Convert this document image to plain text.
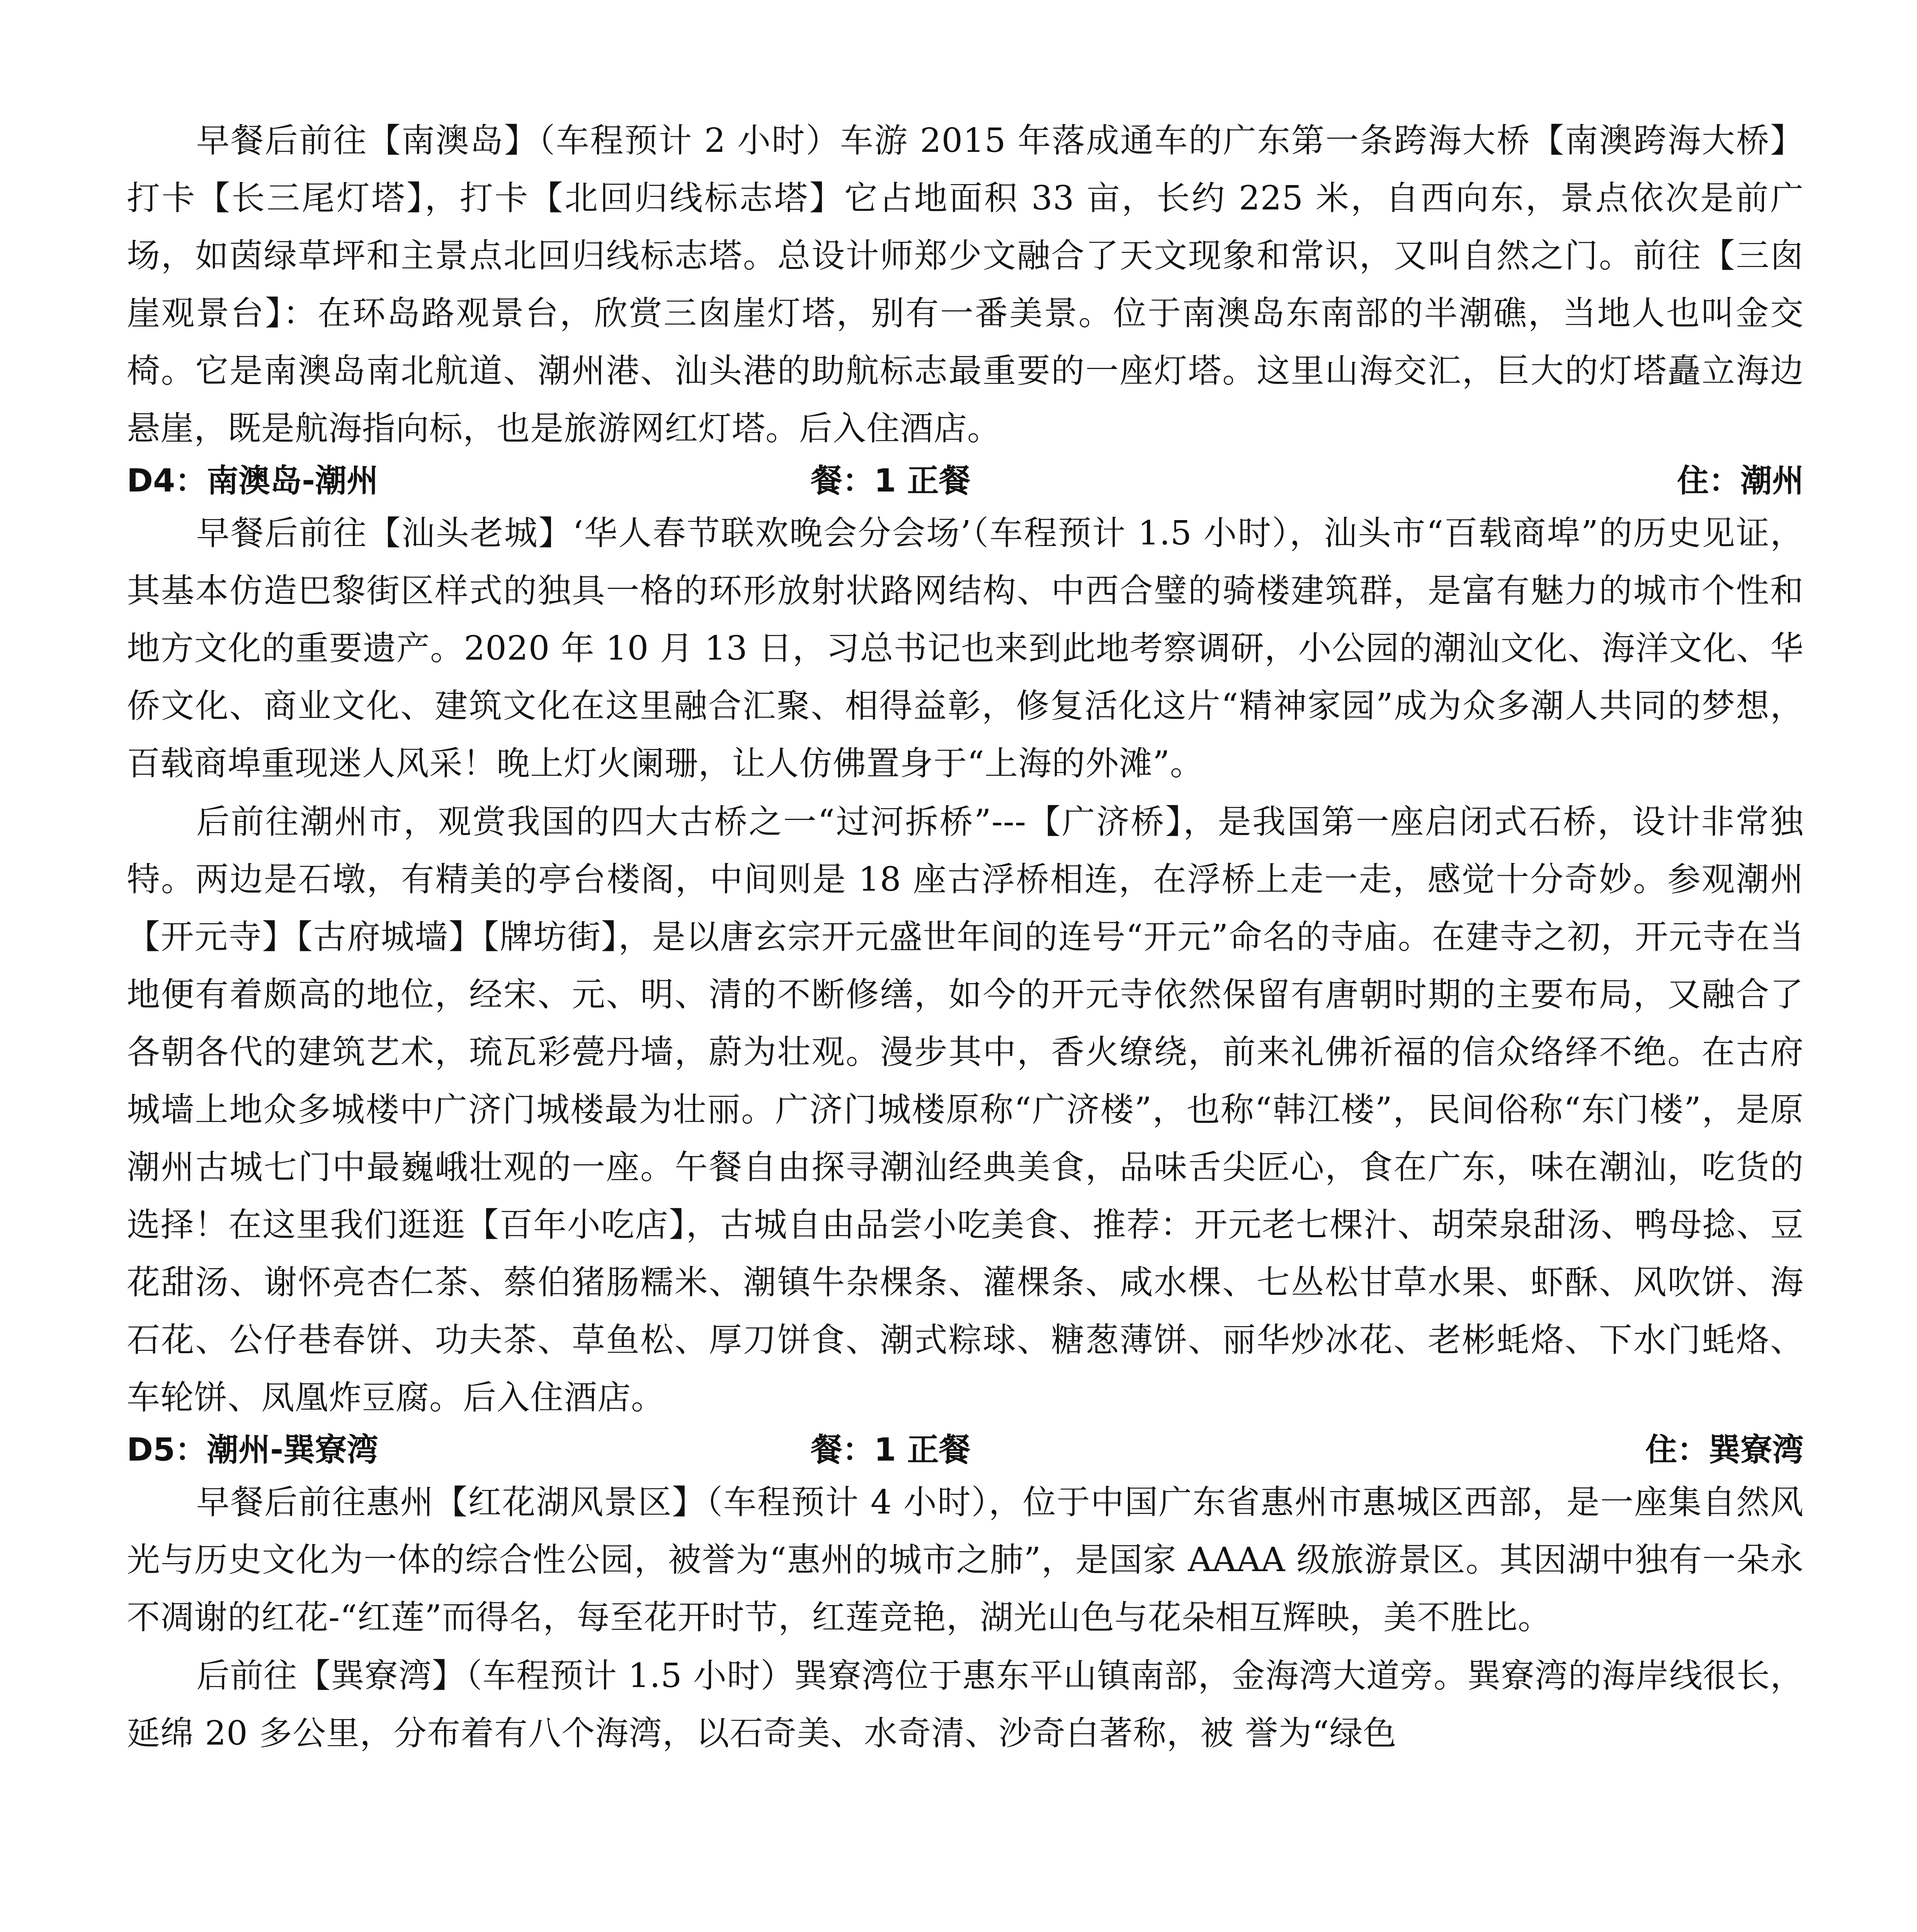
早餐后前往【南澳岛】（车程预计 2 小时）车游 2015 年落成通车的广东第一条跨海大桥【南澳跨海大桥】打卡【长三尾灯塔】，打卡【北回归线标志塔】它占地面积 33 亩，长约 225 米，自西向东，景点依次是前广场，如茵绿草坪和主景点北回归线标志塔。总设计师郑少文融合了天文现象和常识，又叫自然之门。前往【三囱崖观景台】：在环岛路观景台，欣赏三囱崖灯塔，别有一番美景。位于南澳岛东南部的半潮礁，当地人也叫金交椅。它是南澳岛南北航道、潮州港、汕头港的助航标志最重要的一座灯塔。这里山海交汇，巨大的灯塔矗立海边悬崖，既是航海指向标，也是旅游网红灯塔。后入住酒店。

D4：南澳岛-潮州	餐：1 正餐	住：潮州

早餐后前往【汕头老城】‘华人春节联欢晚会分会场’（车程预计 1.5 小时），汕头市“百载商埠”的历史见证，其基本仿造巴黎街区样式的独具一格的环形放射状路网结构、中西合璧的骑楼建筑群，是富有魅力的城市个性和地方文化的重要遗产。2020 年 10 月 13 日，习总书记也来到此地考察调研，小公园的潮汕文化、海洋文化、华侨文化、商业文化、建筑文化在这里融合汇聚、相得益彰，修复活化这片“精神家园”成为众多潮人共同的梦想，百载商埠重现迷人风采！晚上灯火阑珊，让人仿佛置身于“上海的外滩”。

后前往潮州市，观赏我国的四大古桥之一“过河拆桥”---【广济桥】，是我国第一座启闭式石桥，设计非常独特。两边是石墩，有精美的亭台楼阁，中间则是 18 座古浮桥相连，在浮桥上走一走，感觉十分奇妙。参观潮州【开元寺】【古府城墙】【牌坊街】，是以唐玄宗开元盛世年间的连号“开元”命名的寺庙。在建寺之初，开元寺在当地便有着颇高的地位，经宋、元、明、清的不断修缮，如今的开元寺依然保留有唐朝时期的主要布局，又融合了各朝各代的建筑艺术，琉瓦彩甍丹墙，蔚为壮观。漫步其中，香火缭绕，前来礼佛祈福的信众络绎不绝。在古府城墙上地众多城楼中广济门城楼最为壮丽。广济门城楼原称“广济楼”，也称“韩江楼”，民间俗称“东门楼”，是原潮州古城七门中最巍峨壮观的一座。午餐自由探寻潮汕经典美食，品味舌尖匠心，食在广东，味在潮汕，吃货的选择！在这里我们逛逛【百年小吃店】，古城自由品尝小吃美食、推荐：开元老七棵汁、胡荣泉甜汤、鸭母捻、豆花甜汤、谢怀亮杏仁茶、蔡伯猪肠糯米、潮镇牛杂棵条、灌棵条、咸水棵、七丛松甘草水果、虾酥、风吹饼、海石花、公仔巷春饼、功夫茶、草鱼松、厚刀饼食、潮式粽球、糖葱薄饼、丽华炒冰花、老彬蚝烙、下水门蚝烙、车轮饼、凤凰炸豆腐。后入住酒店。

D5：潮州-巽寮湾	餐：1 正餐	住：巽寮湾

早餐后前往惠州【红花湖风景区】（车程预计 4 小时），位于中国广东省惠州市惠城区西部，是一座集自然风光与历史文化为一体的综合性公园，被誉为“惠州的城市之肺”，是国家 AAAA 级旅游景区。其因湖中独有一朵永不凋谢的红花-“红莲”而得名，每至花开时节，红莲竞艳，湖光山色与花朵相互辉映，美不胜比。

后前往【巽寮湾】（车程预计 1.5 小时）巽寮湾位于惠东平山镇南部，金海湾大道旁。巽寮湾的海岸线很长，延绵 20 多公里，分布着有八个海湾，以石奇美、水奇清、沙奇白著称，被 誉为“绿色
